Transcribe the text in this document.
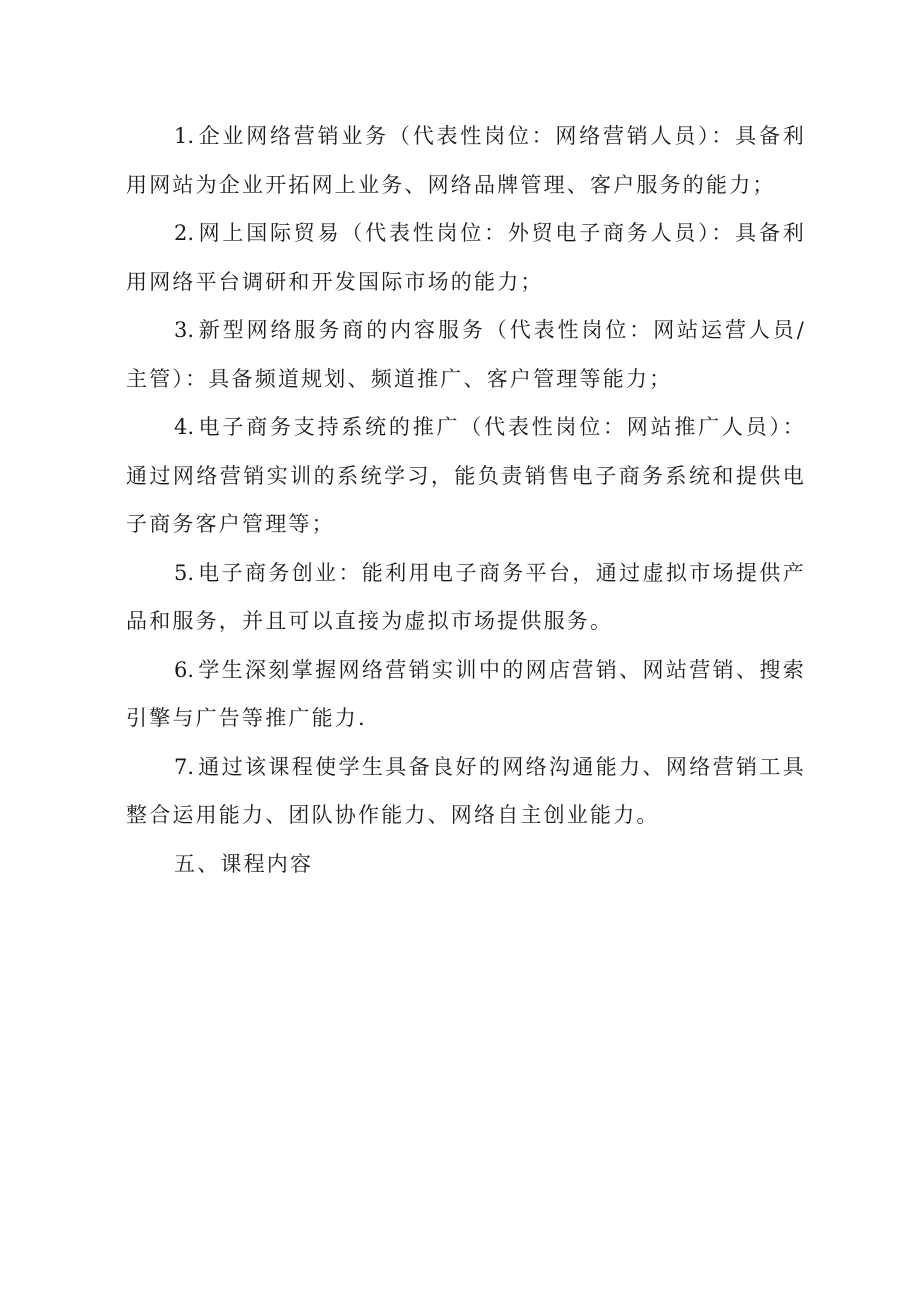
1. 企业网络营销业务（代表性岗位：网络营销人员）：具备利用网站为企业开拓网上业务、网络品牌管理、客户服务的能力；

2. 网上国际贸易（代表性岗位：外贸电子商务人员）：具备利用网络平台调研和开发国际市场的能力；

3. 新型网络服务商的内容服务（代表性岗位：网站运营人员/主管）：具备频道规划、频道推广、客户管理等能力；

4. 电子商务支持系统的推广（代表性岗位：网站推广人员）：通过网络营销实训的系统学习，能负责销售电子商务系统和提供电子商务客户管理等；

5. 电子商务创业：能利用电子商务平台，通过虚拟市场提供产品和服务，并且可以直接为虚拟市场提供服务。

6. 学生深刻掌握网络营销实训中的网店营销、网站营销、搜索引擎与广告等推广能力.

7. 通过该课程使学生具备良好的网络沟通能力、网络营销工具整合运用能力、团队协作能力、网络自主创业能力。

五、课程内容
